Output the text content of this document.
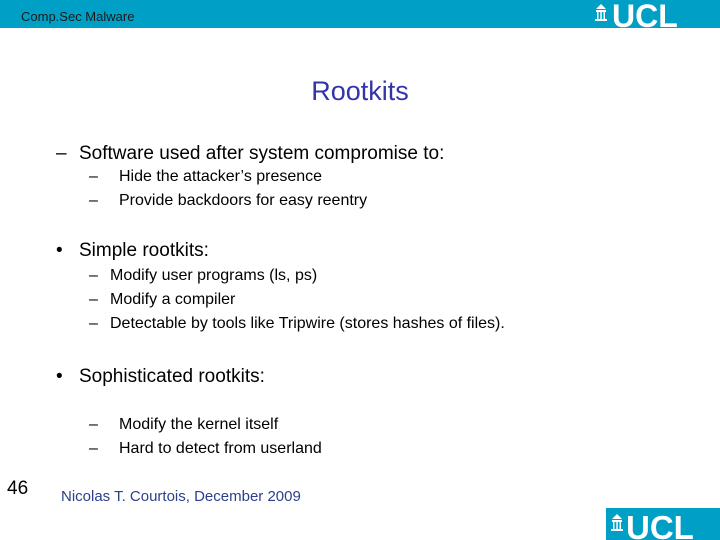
Comp.Sec Malware	UCL
Rootkits
– Software used after system compromise to:
– Hide the attacker’s presence
– Provide backdoors for easy reentry
• Simple rootkits:
– Modify user programs (ls, ps)
– Modify a compiler
– Detectable by tools like Tripwire (stores hashes of files).
• Sophisticated rootkits:
– Modify the kernel itself
– Hard to detect from userland
46 Nicolas T. Courtois, December 2009
UCL
